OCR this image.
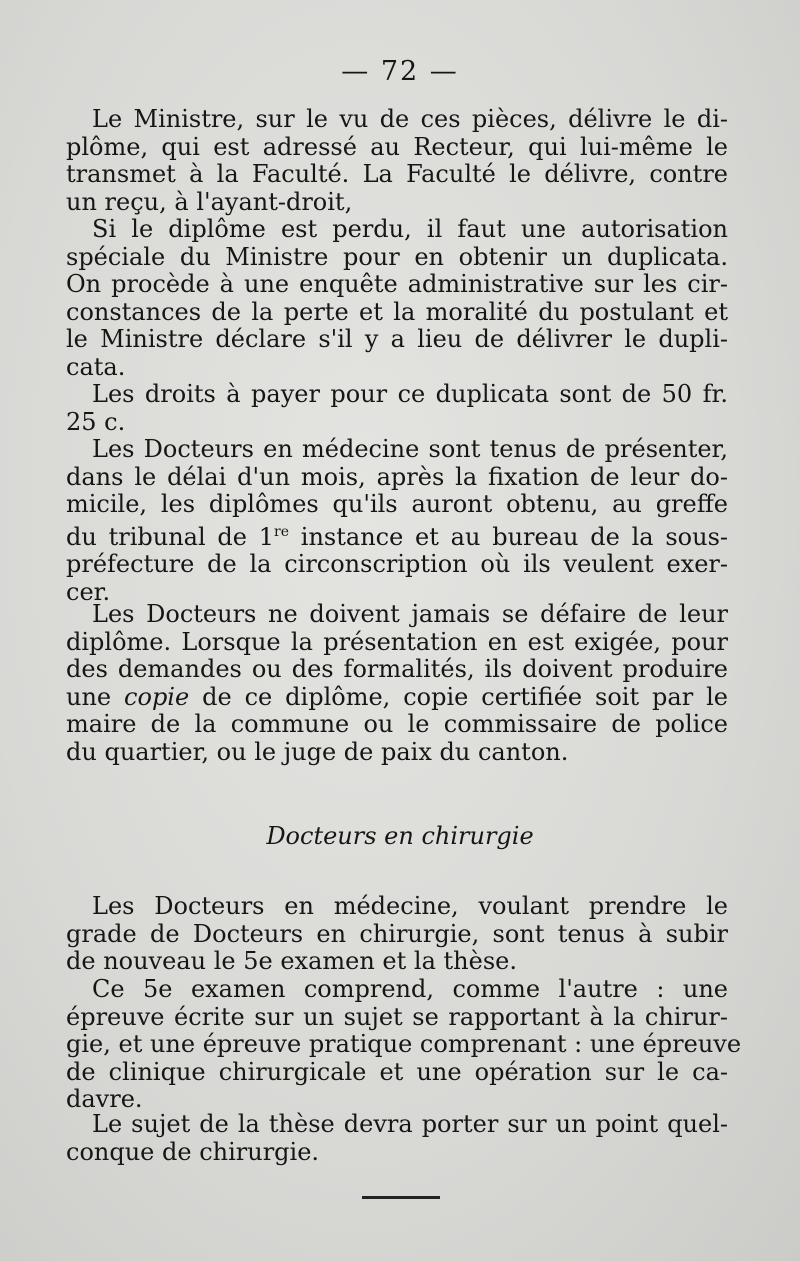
— 72 —
Le Ministre, sur le vu de ces pièces, délivre le di-
plôme, qui est adressé au Recteur, qui lui-même le
transmet à la Faculté. La Faculté le délivre, contre
un reçu, à l'ayant-droit,
Si le diplôme est perdu, il faut une autorisation
spéciale du Ministre pour en obtenir un duplicata.
On procède à une enquête administrative sur les cir-
constances de la perte et la moralité du postulant et
le Ministre déclare s'il y a lieu de délivrer le dupli-
cata.
Les droits à payer pour ce duplicata sont de 50 fr.
25 c.
Les Docteurs en médecine sont tenus de présenter,
dans le délai d'un mois, après la fixation de leur do-
micile, les diplômes qu'ils auront obtenu, au greffe
du tribunal de 1re instance et au bureau de la sous-
préfecture de la circonscription où ils veulent exer-
cer.
Les Docteurs ne doivent jamais se défaire de leur
diplôme. Lorsque la présentation en est exigée, pour
des demandes ou des formalités, ils doivent produire
une copie de ce diplôme, copie certifiée soit par le
maire de la commune ou le commissaire de police
du quartier, ou le juge de paix du canton.
Docteurs en chirurgie
Les Docteurs en médecine, voulant prendre le
grade de Docteurs en chirurgie, sont tenus à subir
de nouveau le 5e examen et la thèse.
Ce 5e examen comprend, comme l'autre : une
épreuve écrite sur un sujet se rapportant à la chirur-
gie, et une épreuve pratique comprenant : une épreuve
de clinique chirurgicale et une opération sur le ca-
davre.
Le sujet de la thèse devra porter sur un point quel-
conque de chirurgie.
